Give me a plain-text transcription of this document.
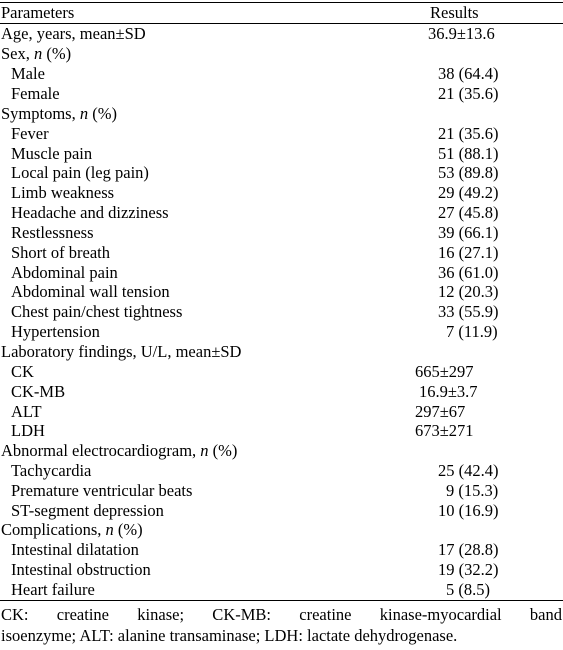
Parameters	Results
Age, years, mean±SD	36.9±13.6
Sex, n (%)
Male	38 (64.4)
Female	21 (35.6)
Symptoms, n (%)
Fever	21 (35.6)
Muscle pain	51 (88.1)
Local pain (leg pain)	53 (89.8)
Limb weakness	29 (49.2)
Headache and dizziness	27 (45.8)
Restlessness	39 (66.1)
Short of breath	16 (27.1)
Abdominal pain	36 (61.0)
Abdominal wall tension	12 (20.3)
Chest pain/chest tightness	33 (55.9)
Hypertension	7 (11.9)
Laboratory findings, U/L, mean±SD
CK	665±297
CK-MB	16.9±3.7
ALT	297±67
LDH	673±271
Abnormal electrocardiogram, n (%)
Tachycardia	25 (42.4)
Premature ventricular beats	9 (15.3)
ST-segment depression	10 (16.9)
Complications, n (%)
Intestinal dilatation	17 (28.8)
Intestinal obstruction	19 (32.2)
Heart failure	5 (8.5)
CK: creatine kinase; CK-MB: creatine kinase-myocardial band
isoenzyme; ALT: alanine transaminase; LDH: lactate dehydrogenase.
